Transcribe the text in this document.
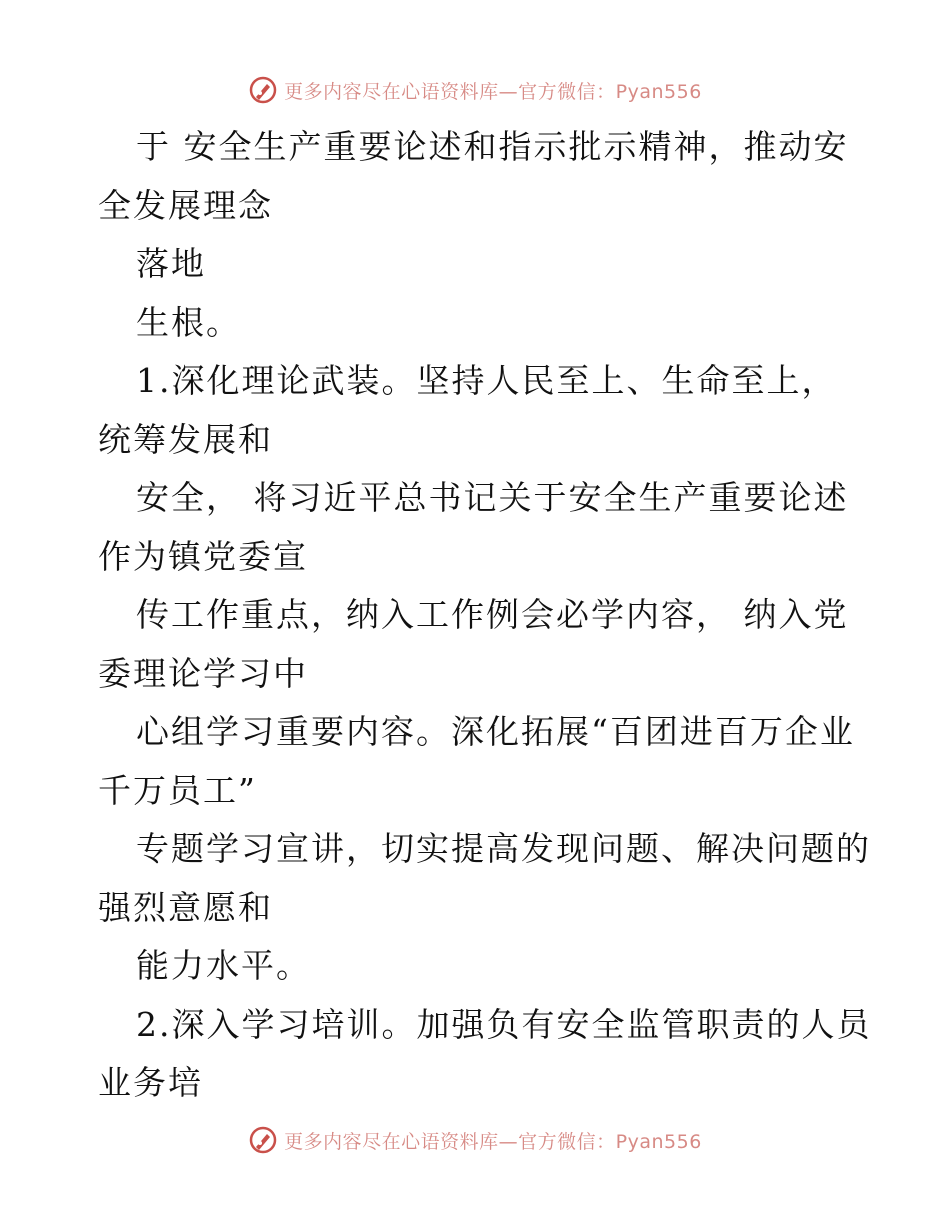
更多内容尽在心语资料库—官方微信：Pyan556
于 安全生产重要论述和指示批示精神，推动安
全发展理念
落地
生根。
1.深化理论武装。坚持人民至上、生命至上，
统筹发展和
安全， 将习近平总书记关于安全生产重要论述
作为镇党委宣
传工作重点，纳入工作例会必学内容， 纳入党
委理论学习中
心组学习重要内容。深化拓展“百团进百万企业
千万员工”
专题学习宣讲，切实提高发现问题、解决问题的
强烈意愿和
能力水平。
2.深入学习培训。加强负有安全监管职责的人员
业务培
更多内容尽在心语资料库—官方微信：Pyan556
